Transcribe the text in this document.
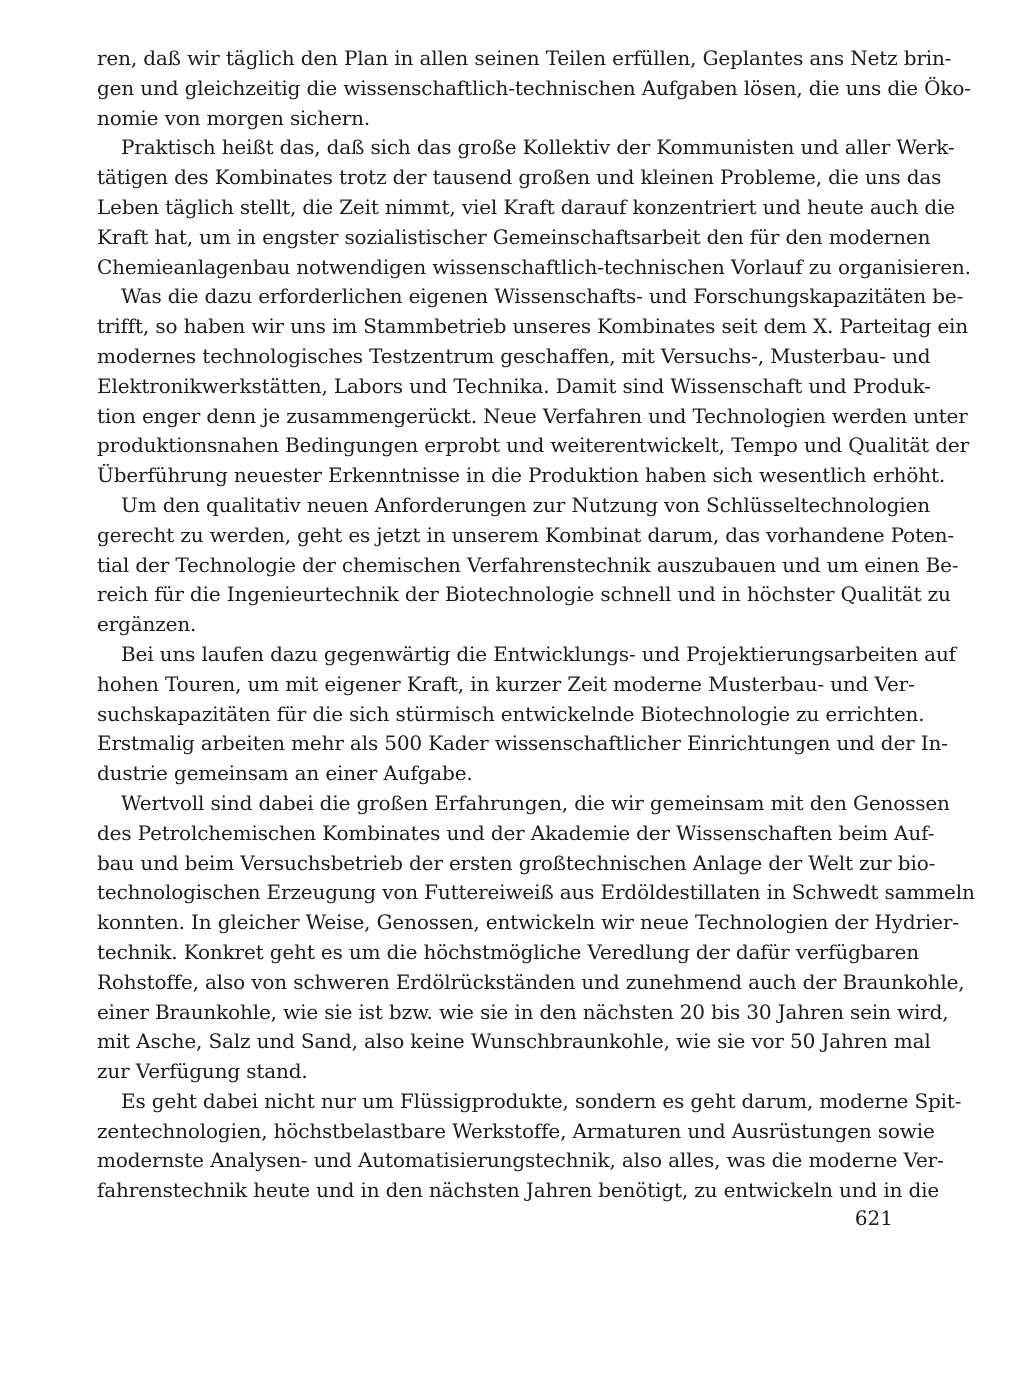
ren, daß wir täglich den Plan in allen seinen Teilen erfüllen, Geplantes ans Netz brin-
gen und gleichzeitig die wissenschaftlich-technischen Aufgaben lösen, die uns die Öko-
nomie von morgen sichern.
Praktisch heißt das, daß sich das große Kollektiv der Kommunisten und aller Werk-
tätigen des Kombinates trotz der tausend großen und kleinen Probleme, die uns das
Leben täglich stellt, die Zeit nimmt, viel Kraft darauf konzentriert und heute auch die
Kraft hat, um in engster sozialistischer Gemeinschaftsarbeit den für den modernen
Chemieanlagenbau notwendigen wissenschaftlich-technischen Vorlauf zu organisieren.
Was die dazu erforderlichen eigenen Wissenschafts- und Forschungskapazitäten be-
trifft, so haben wir uns im Stammbetrieb unseres Kombinates seit dem X. Parteitag ein
modernes technologisches Testzentrum geschaffen, mit Versuchs-, Musterbau- und
Elektronikwerkstätten, Labors und Technika. Damit sind Wissenschaft und Produk-
tion enger denn je zusammengerückt. Neue Verfahren und Technologien werden unter
produktionsnahen Bedingungen erprobt und weiterentwickelt, Tempo und Qualität der
Überführung neuester Erkenntnisse in die Produktion haben sich wesentlich erhöht.
Um den qualitativ neuen Anforderungen zur Nutzung von Schlüsseltechnologien
gerecht zu werden, geht es jetzt in unserem Kombinat darum, das vorhandene Poten-
tial der Technologie der chemischen Verfahrenstechnik auszubauen und um einen Be-
reich für die Ingenieurtechnik der Biotechnologie schnell und in höchster Qualität zu
ergänzen.
Bei uns laufen dazu gegenwärtig die Entwicklungs- und Projektierungsarbeiten auf
hohen Touren, um mit eigener Kraft, in kurzer Zeit moderne Musterbau- und Ver-
suchskapazitäten für die sich stürmisch entwickelnde Biotechnologie zu errichten.
Erstmalig arbeiten mehr als 500 Kader wissenschaftlicher Einrichtungen und der In-
dustrie gemeinsam an einer Aufgabe.
Wertvoll sind dabei die großen Erfahrungen, die wir gemeinsam mit den Genossen
des Petrolchemischen Kombinates und der Akademie der Wissenschaften beim Auf-
bau und beim Versuchsbetrieb der ersten großtechnischen Anlage der Welt zur bio-
technologischen Erzeugung von Futtereiweiß aus Erdöldestillaten in Schwedt sammeln
konnten. In gleicher Weise, Genossen, entwickeln wir neue Technologien der Hydrier-
technik. Konkret geht es um die höchstmögliche Veredlung der dafür verfügbaren
Rohstoffe, also von schweren Erdölrückständen und zunehmend auch der Braunkohle,
einer Braunkohle, wie sie ist bzw. wie sie in den nächsten 20 bis 30 Jahren sein wird,
mit Asche, Salz und Sand, also keine Wunschbraunkohle, wie sie vor 50 Jahren mal
zur Verfügung stand.
Es geht dabei nicht nur um Flüssigprodukte, sondern es geht darum, moderne Spit-
zentechnologien, höchstbelastbare Werkstoffe, Armaturen und Ausrüstungen sowie
modernste Analysen- und Automatisierungstechnik, also alles, was die moderne Ver-
fahrenstechnik heute und in den nächsten Jahren benötigt, zu entwickeln und in die
621
